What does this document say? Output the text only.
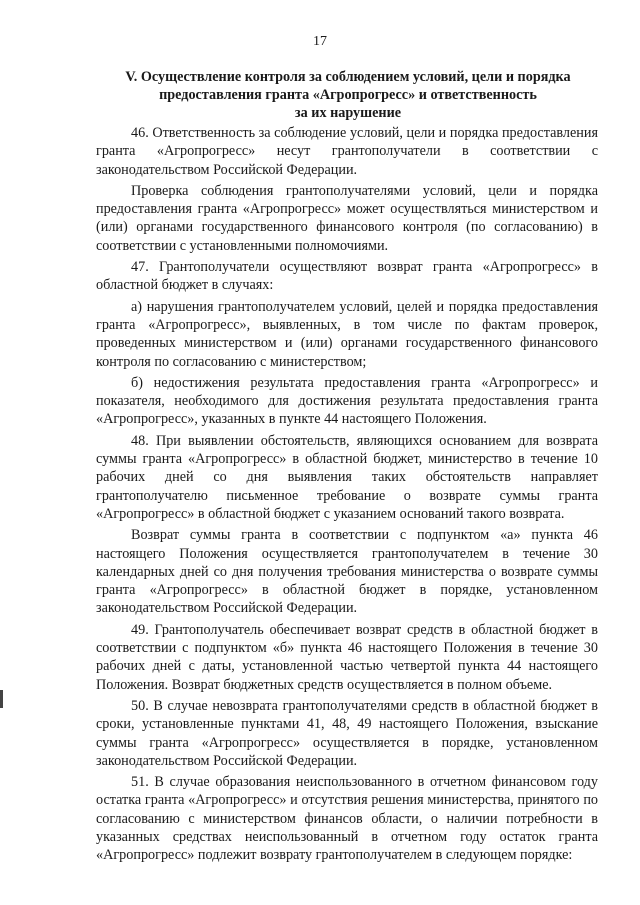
17
V. Осуществление контроля за соблюдением условий, цели и порядка
предоставления гранта «Агропрогресс» и ответственность
за их нарушение

46. Ответственность за соблюдение условий, цели и порядка предоставления гранта «Агропрогресс» несут грантополучатели в соответствии с законодательством Российской Федерации.

Проверка соблюдения грантополучателями условий, цели и порядка предоставления гранта «Агропрогресс» может осуществляться министерством и (или) органами государственного финансового контроля (по согласованию) в соответствии с установленными полномочиями.

47. Грантополучатели осуществляют возврат гранта «Агропрогресс» в областной бюджет в случаях:

а) нарушения грантополучателем условий, целей и порядка предоставления гранта «Агропрогресс», выявленных, в том числе по фактам проверок, проведенных министерством и (или) органами государственного финансового контроля по согласованию с министерством;

б) недостижения результата предоставления гранта «Агропрогресс» и показателя, необходимого для достижения результата предоставления гранта «Агропрогресс», указанных в пункте 44 настоящего Положения.

48. При выявлении обстоятельств, являющихся основанием для возврата суммы гранта «Агропрогресс» в областной бюджет, министерство в течение 10 рабочих дней со дня выявления таких обстоятельств направляет грантополучателю письменное требование о возврате суммы гранта «Агропрогресс» в областной бюджет с указанием оснований такого возврата.

Возврат суммы гранта в соответствии с подпунктом «а» пункта 46 настоящего Положения осуществляется грантополучателем в течение 30 календарных дней со дня получения требования министерства о возврате суммы гранта «Агропрогресс» в областной бюджет в порядке, установленном законодательством Российской Федерации.

49. Грантополучатель обеспечивает возврат средств в областной бюджет в соответствии с подпунктом «б» пункта 46 настоящего Положения в течение 30 рабочих дней с даты, установленной частью четвертой пункта 44 настоящего Положения. Возврат бюджетных средств осуществляется в полном объеме.

50. В случае невозврата грантополучателями средств в областной бюджет в сроки, установленные пунктами 41, 48, 49 настоящего Положения, взыскание суммы гранта «Агропрогресс» осуществляется в порядке, установленном законодательством Российской Федерации.

51. В случае образования неиспользованного в отчетном финансовом году остатка гранта «Агропрогресс» и отсутствия решения министерства, принятого по согласованию с министерством финансов области, о наличии потребности в указанных средствах неиспользованный в отчетном году остаток гранта «Агропрогресс» подлежит возврату грантополучателем в следующем порядке:
